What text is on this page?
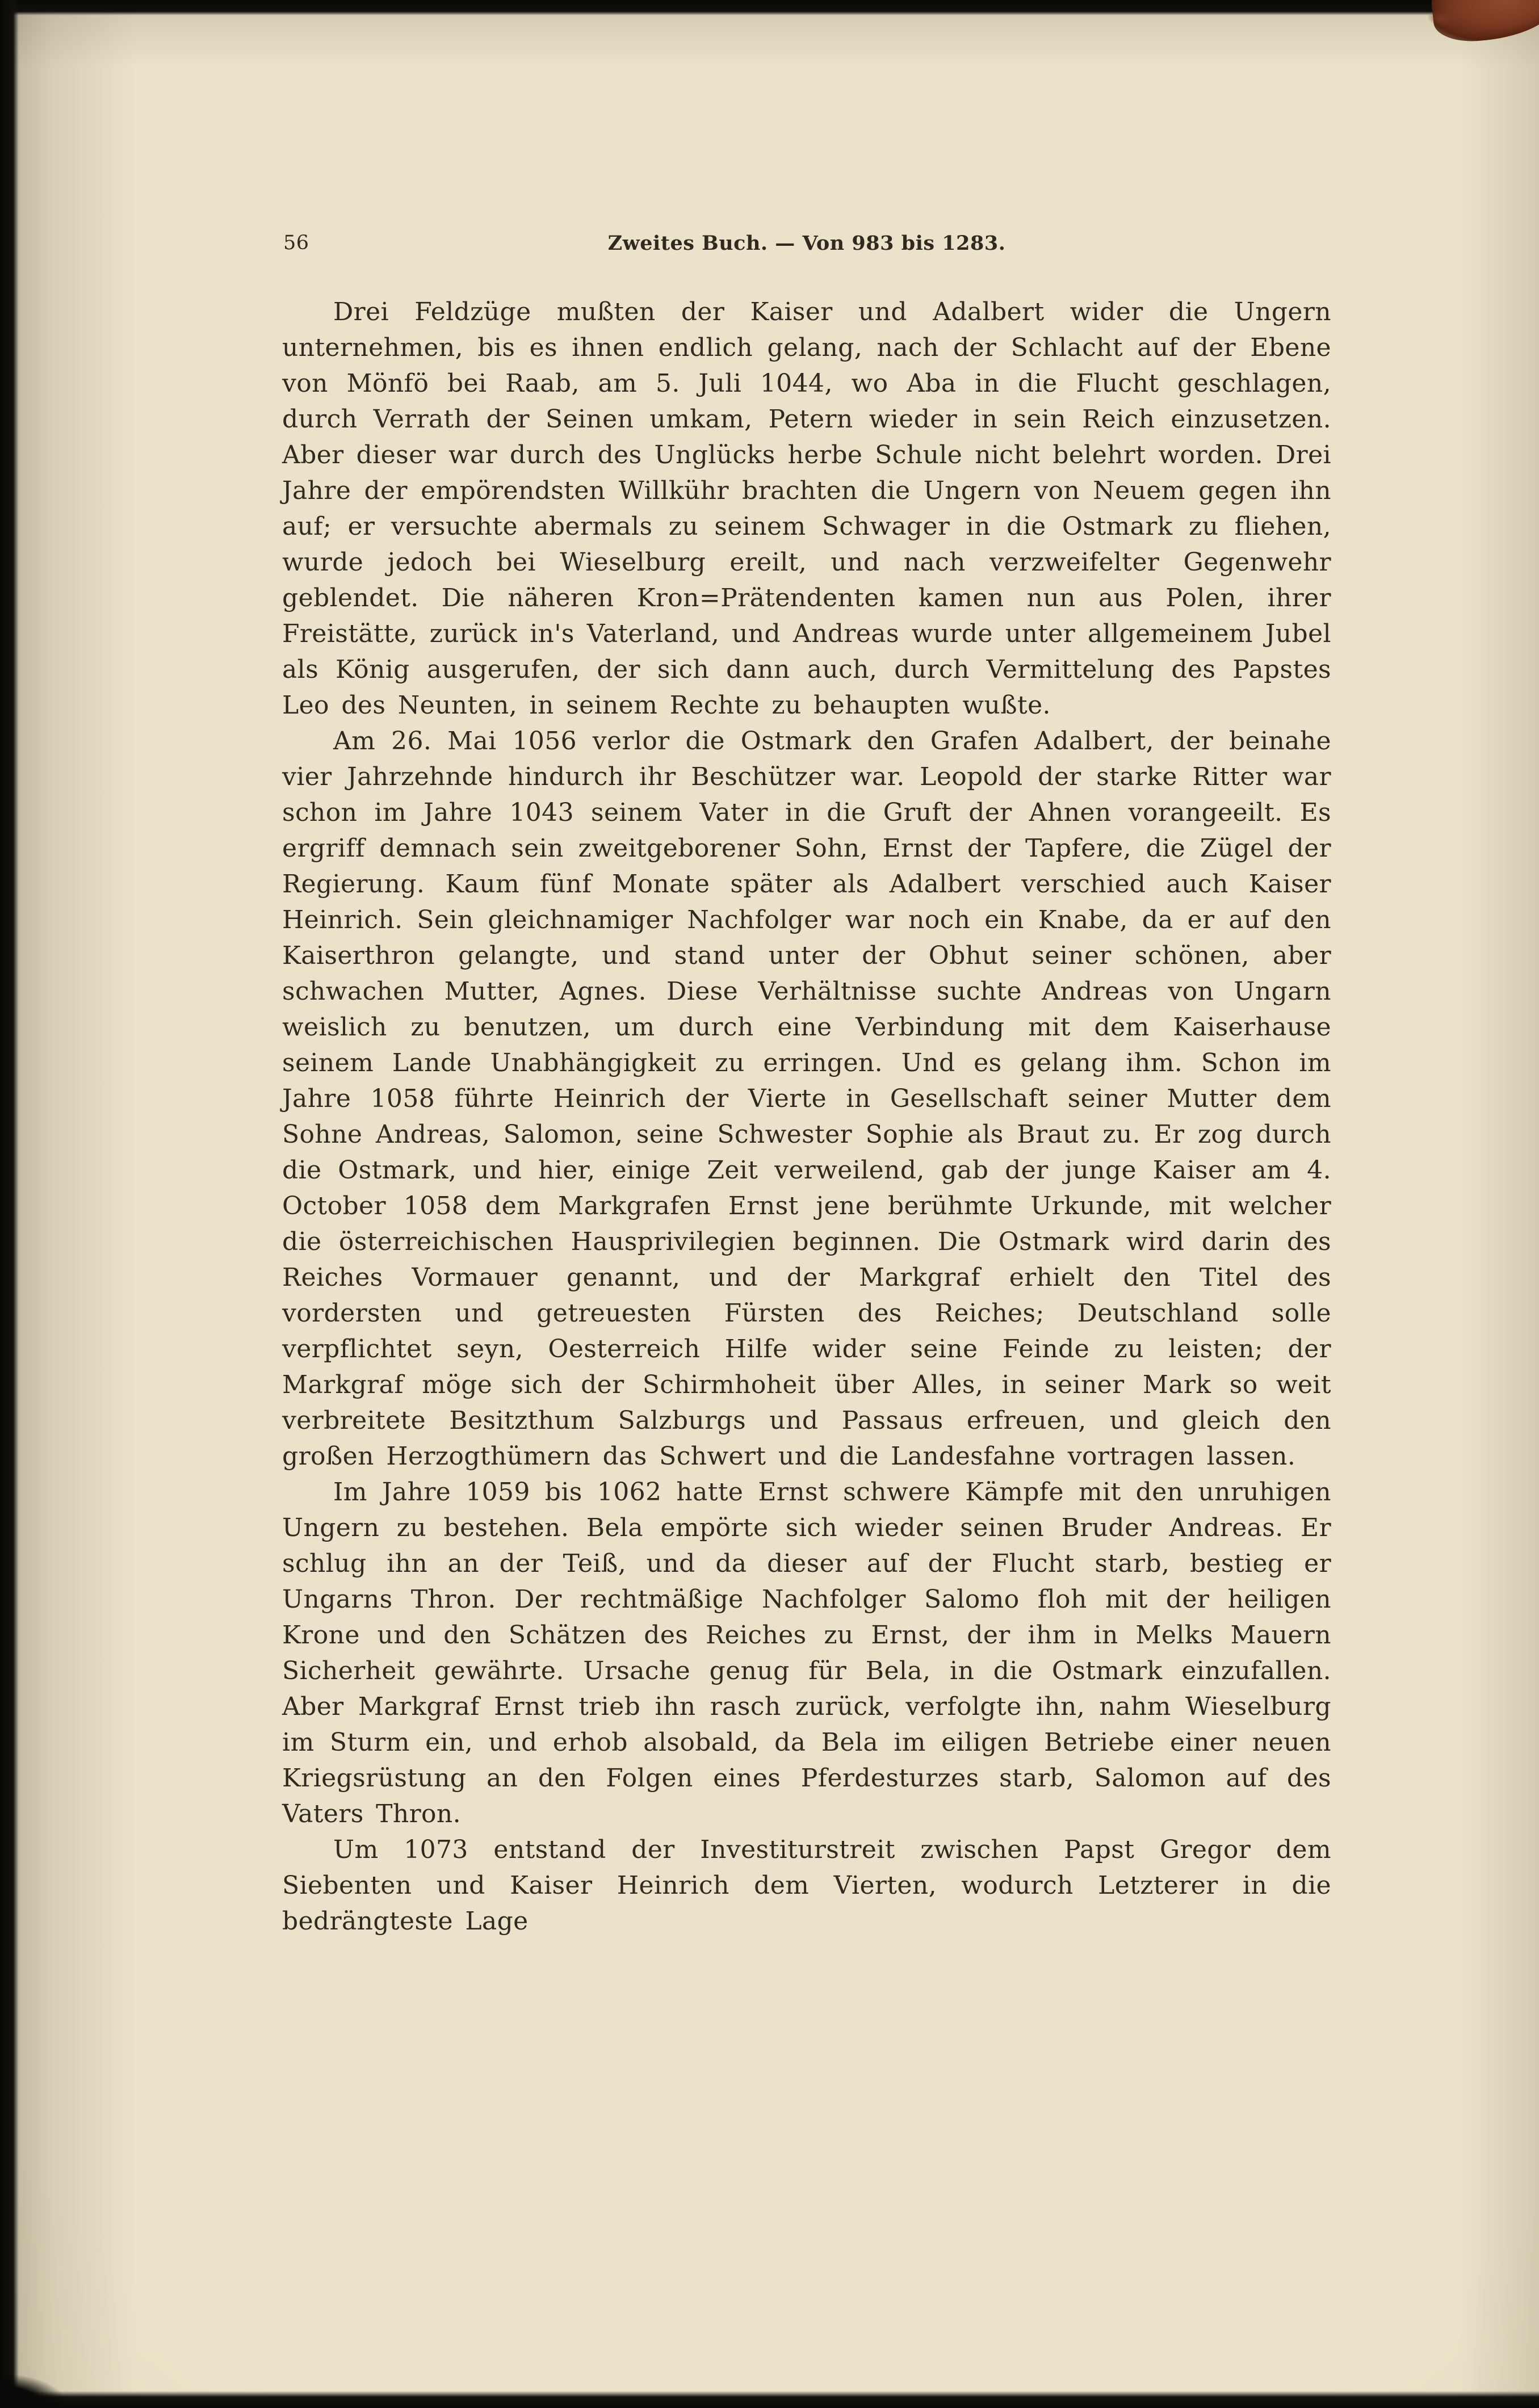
56	Zweites Buch. — Von 983 bis 1283.

Drei Feldzüge mußten der Kaiser und Adalbert wider die Ungern unternehmen, bis es ihnen endlich gelang, nach der Schlacht auf der Ebene von Mönfö bei Raab, am 5. Juli 1044, wo Aba in die Flucht geschlagen, durch Verrath der Seinen umkam, Petern wieder in sein Reich einzusetzen. Aber dieser war durch des Unglücks herbe Schule nicht belehrt worden. Drei Jahre der empörendsten Willkühr brachten die Ungern von Neuem gegen ihn auf; er versuchte abermals zu seinem Schwager in die Ostmark zu fliehen, wurde jedoch bei Wieselburg ereilt, und nach verzweifelter Gegenwehr geblendet. Die näheren Kron=Prätendenten kamen nun aus Polen, ihrer Freistätte, zurück in's Vaterland, und Andreas wurde unter allgemeinem Jubel als König ausgerufen, der sich dann auch, durch Vermittelung des Papstes Leo des Neunten, in seinem Rechte zu behaupten wußte.

Am 26. Mai 1056 verlor die Ostmark den Grafen Adalbert, der beinahe vier Jahrzehnde hindurch ihr Beschützer war. Leopold der starke Ritter war schon im Jahre 1043 seinem Vater in die Gruft der Ahnen vorangeeilt. Es ergriff demnach sein zweitgeborener Sohn, Ernst der Tapfere, die Zügel der Regierung. Kaum fünf Monate später als Adalbert verschied auch Kaiser Heinrich. Sein gleichnamiger Nachfolger war noch ein Knabe, da er auf den Kaiserthron gelangte, und stand unter der Obhut seiner schönen, aber schwachen Mutter, Agnes. Diese Verhältnisse suchte Andreas von Ungarn weislich zu benutzen, um durch eine Verbindung mit dem Kaiserhause seinem Lande Unabhängigkeit zu erringen. Und es gelang ihm. Schon im Jahre 1058 führte Heinrich der Vierte in Gesellschaft seiner Mutter dem Sohne Andreas, Salomon, seine Schwester Sophie als Braut zu. Er zog durch die Ostmark, und hier, einige Zeit verweilend, gab der junge Kaiser am 4. October 1058 dem Markgrafen Ernst jene berühmte Urkunde, mit welcher die österreichischen Hausprivilegien beginnen. Die Ostmark wird darin des Reiches Vormauer genannt, und der Markgraf erhielt den Titel des vordersten und getreuesten Fürsten des Reiches; Deutschland solle verpflichtet seyn, Oesterreich Hilfe wider seine Feinde zu leisten; der Markgraf möge sich der Schirmhoheit über Alles, in seiner Mark so weit verbreitete Besitzthum Salzburgs und Passaus erfreuen, und gleich den großen Herzogthümern das Schwert und die Landesfahne vortragen lassen.

Im Jahre 1059 bis 1062 hatte Ernst schwere Kämpfe mit den unruhigen Ungern zu bestehen. Bela empörte sich wieder seinen Bruder Andreas. Er schlug ihn an der Teiß, und da dieser auf der Flucht starb, bestieg er Ungarns Thron. Der rechtmäßige Nachfolger Salomo floh mit der heiligen Krone und den Schätzen des Reiches zu Ernst, der ihm in Melks Mauern Sicherheit gewährte. Ursache genug für Bela, in die Ostmark einzufallen. Aber Markgraf Ernst trieb ihn rasch zurück, verfolgte ihn, nahm Wieselburg im Sturm ein, und erhob alsobald, da Bela im eiligen Betriebe einer neuen Kriegsrüstung an den Folgen eines Pferdesturzes starb, Salomon auf des Vaters Thron.

Um 1073 entstand der Investiturstreit zwischen Papst Gregor dem Siebenten und Kaiser Heinrich dem Vierten, wodurch Letzterer in die bedrängteste Lage
